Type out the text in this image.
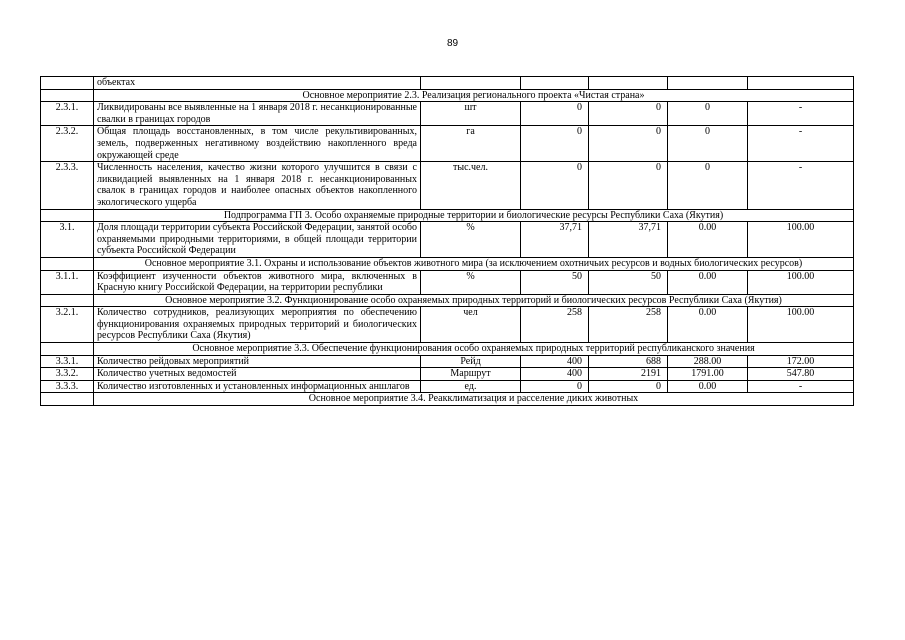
89
	объектах					
	Основное мероприятие 2.3. Реализация регионального проекта «Чистая страна»					
2.3.1.	Ликвидированы все выявленные на 1 января 2018 г. несанкционированные свалки в границах городов	шт	0	0	0	-
2.3.2.	Общая площадь восстановленных, в том числе рекультивированных, земель, подверженных негативному воздействию накопленного вреда окружающей среде	га	0	0	0	-
2.3.3.	Численность населения, качество жизни которого улучшится в связи с ликвидацией выявленных на 1 января 2018 г. несанкционированных свалок в границах городов и наиболее опасных объектов накопленного экологического ущерба	тыс.чел.	0	0	0	-
	Подпрограмма ГП 3. Особо охраняемые природные территории и биологические ресурсы Республики Саха (Якутия)					
3.1.	Доля площади территории субъекта Российской Федерации, занятой особо охраняемыми природными территориями, в общей площади территории субъекта Российской Федерации	%	37,71	37,71	0.00	100.00
	Основное мероприятие 3.1. Охраны и использование объектов животного мира (за исключением охотничьих ресурсов и водных биологических ресурсов)					
3.1.1.	Коэффициент изученности объектов животного мира, включенных в Красную книгу Российской Федерации, на территории республики	%	50	50	0.00	100.00
	Основное мероприятие 3.2. Функционирование особо охраняемых природных территорий и биологических ресурсов Республики Саха (Якутия)					
3.2.1.	Количество сотрудников, реализующих мероприятия по обеспечению функционирования охраняемых природных территорий и биологических ресурсов Республики Саха (Якутия)	чел	258	258	0.00	100.00
	Основное мероприятие 3.3. Обеспечение функционирования особо охраняемых природных территорий республиканского значения					
3.3.1.	Количество рейдовых мероприятий	Рейд	400	688	288.00	172.00
3.3.2.	Количество учетных ведомостей	Маршрут	400	2191	1791.00	547.80
3.3.3.	Количество изготовленных и установленных информационных аншлагов	ед.	0	0	0.00	-
	Основное мероприятие 3.4. Реакклиматизация и расселение диких животных					
